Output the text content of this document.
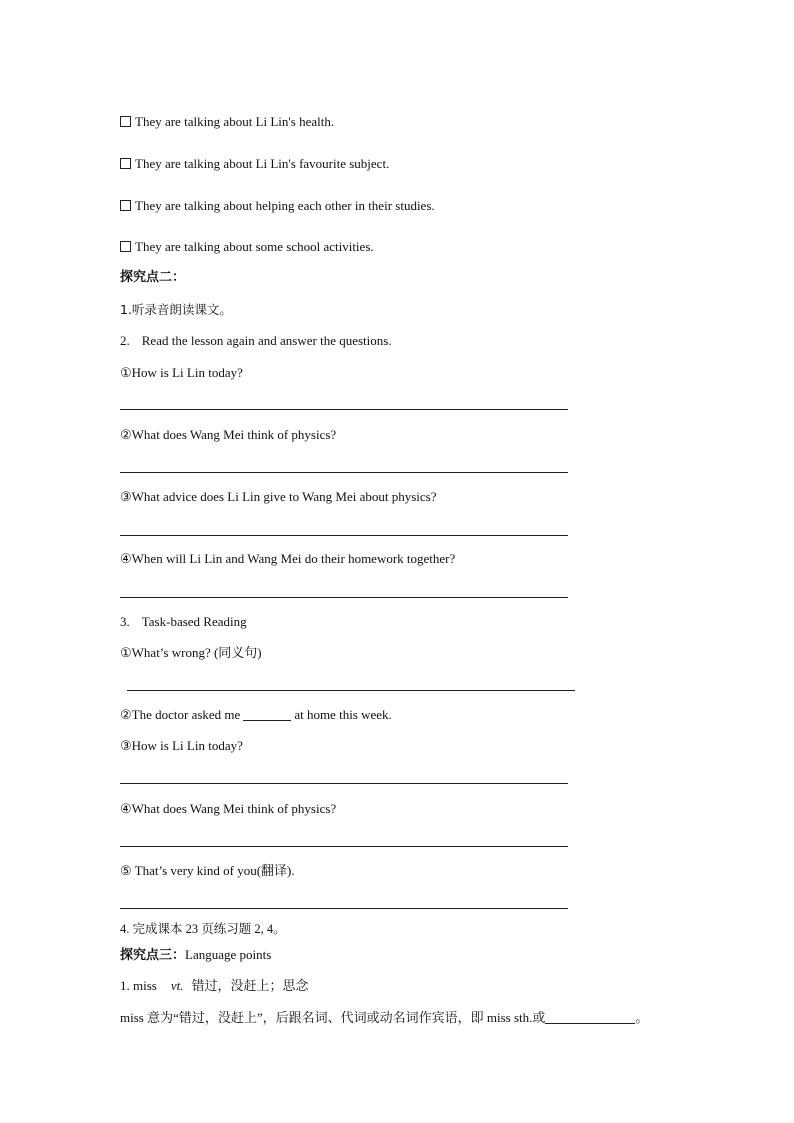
They are talking about Li Lin's health.
They are talking about Li Lin's favourite subject.
They are talking about helping each other in their studies.
They are talking about some school activities.
探究点二：
1.听录音朗读课文。
2. Read the lesson again and answer the questions.
①How is Li Lin today?
②What does Wang Mei think of physics?
③What advice does Li Lin give to Wang Mei about physics?
④When will Li Lin and Wang Mei do their homework together?
3. Task-based Reading
①What’s wrong? (同义句)
②The doctor asked me	at home this week.
③How is Li Lin today?
④What does Wang Mei think of physics?
⑤ That’s very kind of you(翻译).
4. 完成课本 23 页练习题 2, 4。
探究点三：Language points
1. miss vt. 错过，没赶上；思念
miss 意为“错过，没赶上”，后跟名词、代词或动名词作宾语，即 miss sth.或	。
